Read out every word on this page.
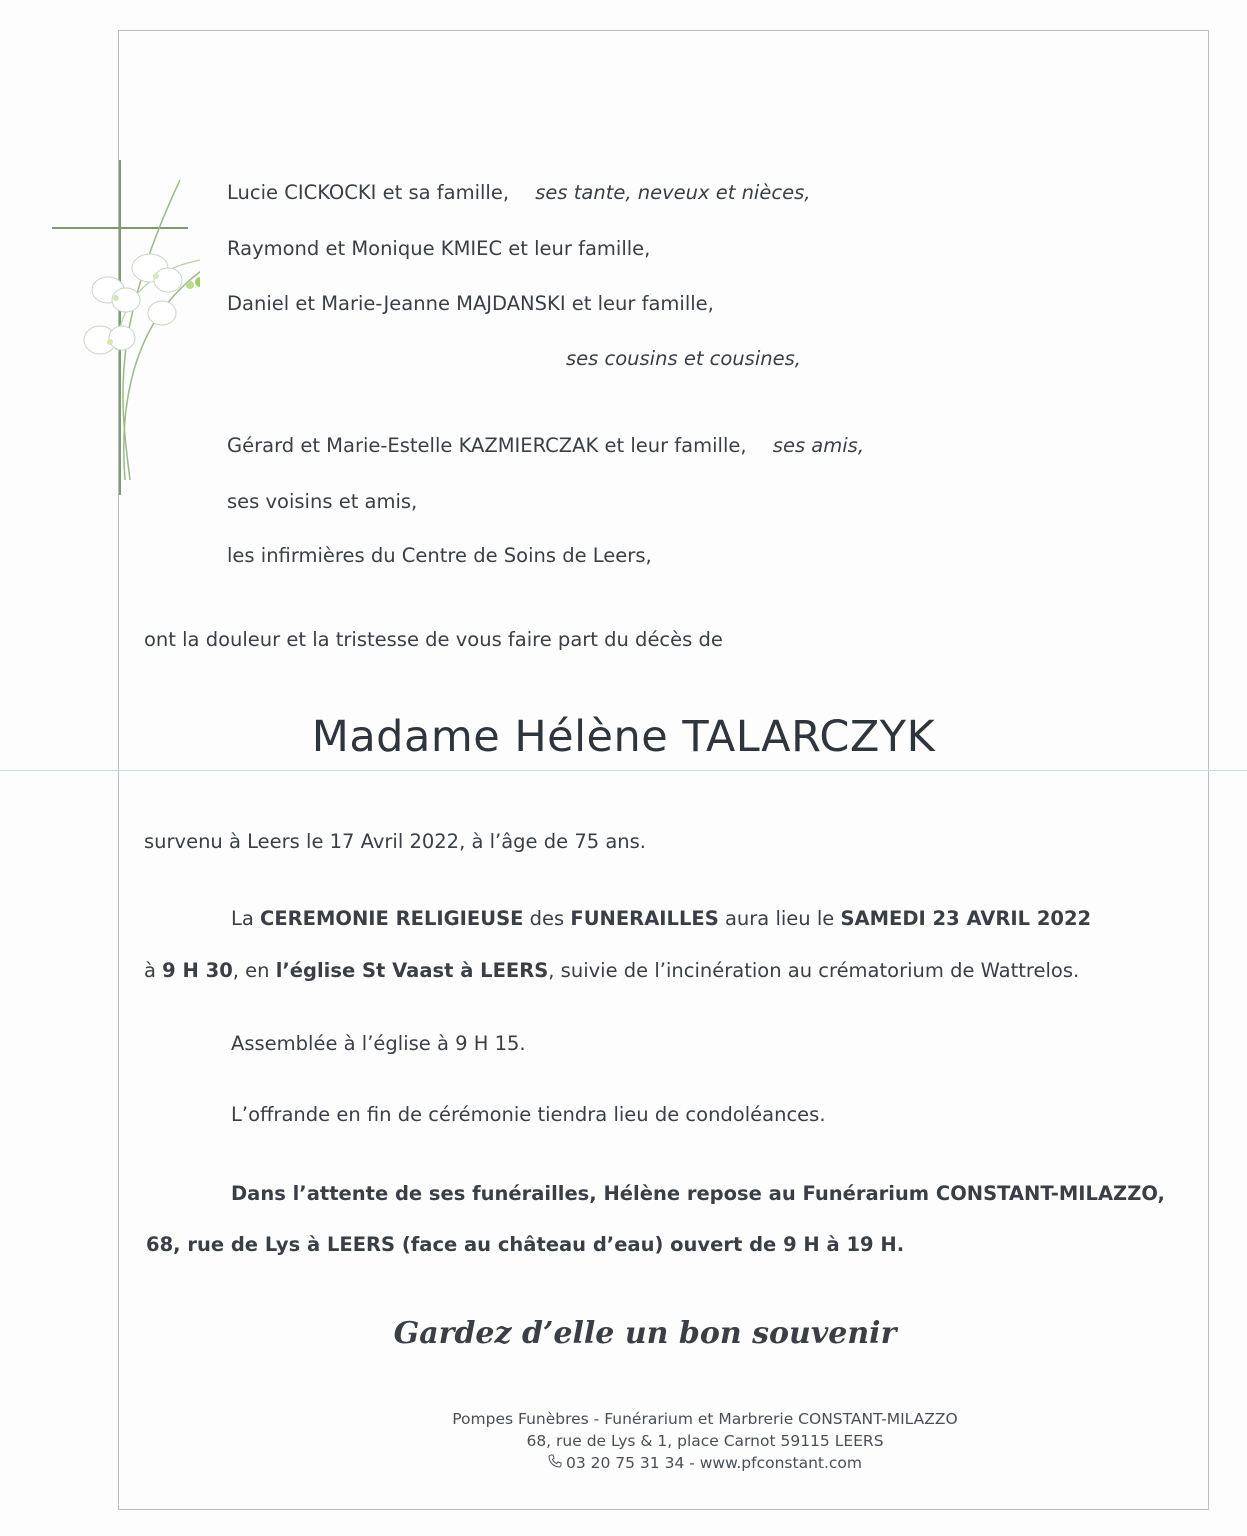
Lucie CICKOCKI et sa famille, ses tante, neveux et nièces,
Raymond et Monique KMIEC et leur famille,
Daniel et Marie-Jeanne MAJDANSKI et leur famille,
ses cousins et cousines,
Gérard et Marie-Estelle KAZMIERCZAK et leur famille, ses amis,
ses voisins et amis,
les infirmières du Centre de Soins de Leers,
ont la douleur et la tristesse de vous faire part du décès de
Madame Hélène TALARCZYK
survenu à Leers le 17 Avril 2022, à l’âge de 75 ans.
La CEREMONIE RELIGIEUSE des FUNERAILLES aura lieu le SAMEDI 23 AVRIL 2022
à 9 H 30, en l’église St Vaast à LEERS, suivie de l’incinération au crématorium de Wattrelos.
Assemblée à l’église à 9 H 15.
L’offrande en fin de cérémonie tiendra lieu de condoléances.
Dans l’attente de ses funérailles, Hélène repose au Funérarium CONSTANT-MILAZZO,
68, rue de Lys à LEERS (face au château d’eau) ouvert de 9 H à 19 H.
Gardez d’elle un bon souvenir
Pompes Funèbres - Funérarium et Marbrerie CONSTANT-MILAZZO
68, rue de Lys & 1, place Carnot 59115 LEERS
03 20 75 31 34 - www.pfconstant.com
